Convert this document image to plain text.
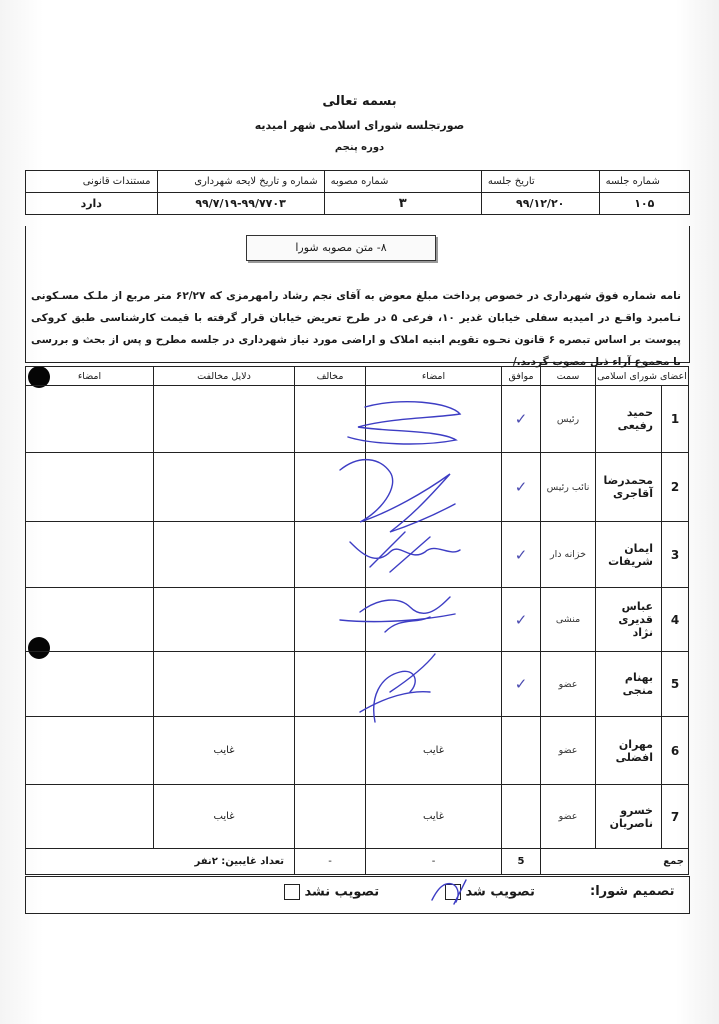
بسمه تعالی
صورتجلسه شورای اسلامی شهر امیدیه
دوره پنجم
مستندات قانونی	شماره و تاریخ لایحه شهرداری	شماره مصوبه	تاریخ جلسه	شماره جلسه
دارد	۹۹/۷/۱۹-۹۹/۷۷۰۳	۳	۹۹/۱۲/۲۰	۱۰۵
۸- متن مصوبه شورا
نامه شماره فوق شهرداری در خصوص پرداخت مبلغ معوض به آقای نجم رشاد رامهرمزی که ۶۲/۲۷ متر مربع از ملـک مسـکونی نـامبرد واقـع در امیدیه سفلی خیابان غدیر ۱۰، فرعی ۵ در طرح تعریض خیابان قرار گرفته با قیمت کارشناسی طبق کروکی پیوست بر اساس تبصره ۶ قانون نحـوه تقویم ابنیه املاک و اراضی مورد نیاز شهرداری در جلسه مطرح و پس از بحث و بررسی با مجموع آراء ذیل مصوب گردید./
امضاء	دلایل مخالفت	مخالف	امضاء	موافق	سمت	اعضای شورای اسلامی	
				✓	رئیس	حمید رفیعی	1
				✓	نائب رئیس	محمدرضا آقاجری	2
				✓	خزانه دار	ایمان شریفات	3
				✓	منشی	عباس قدیری نژاد	4
				✓	عضو	بهنام منجی	5
	غایب		غایب		عضو	مهران افضلی	6
	غایب		غایب		عضو	خسرو ناصریان	7
تعداد غایبین: ۲نفر		-	-	5	جمع		
تصمیم شورا:
تصویب شد
تصویب نشد
